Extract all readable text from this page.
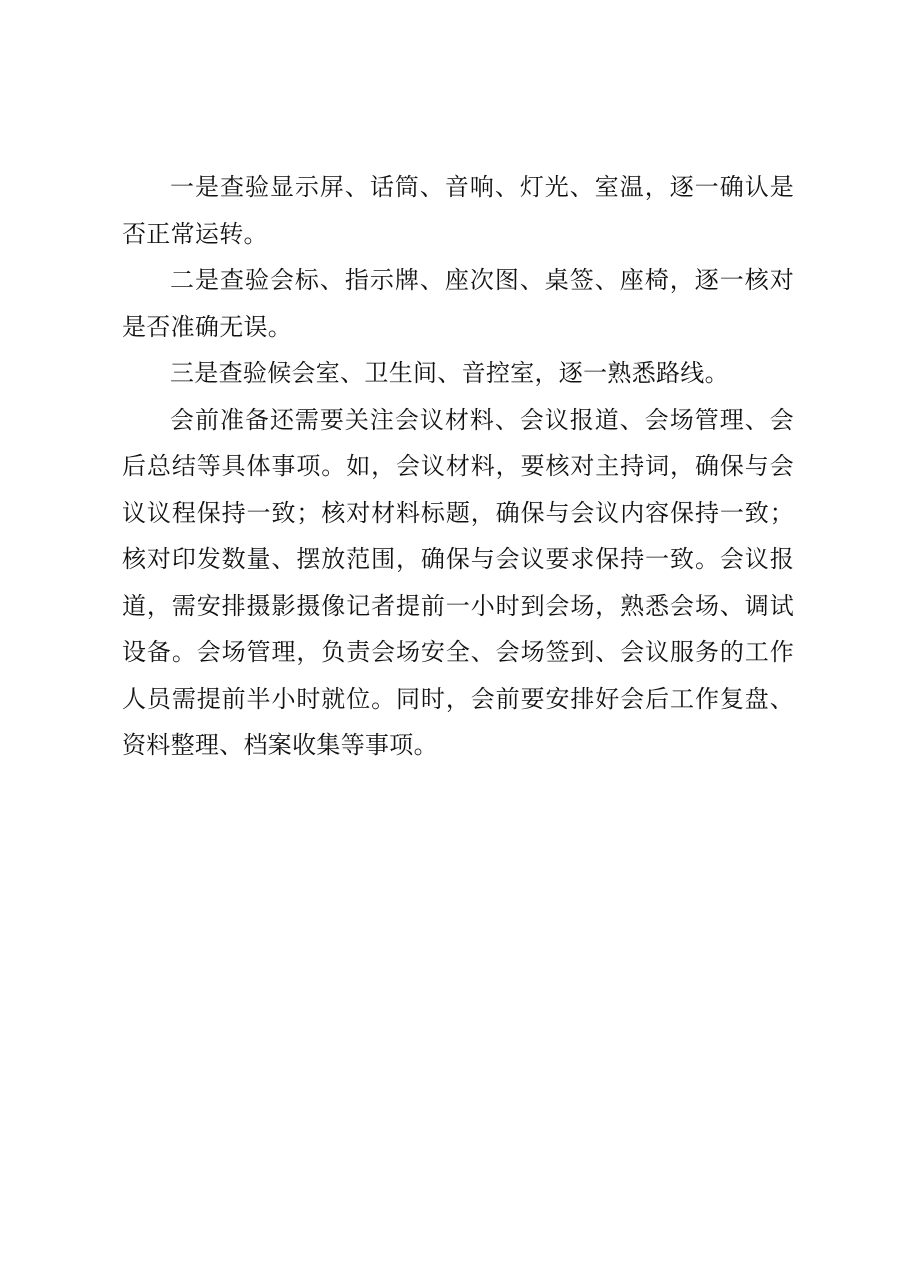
一是查验显示屏、话筒、音响、灯光、室温，逐一确认是否正常运转。

二是查验会标、指示牌、座次图、桌签、座椅，逐一核对是否准确无误。

三是查验候会室、卫生间、音控室，逐一熟悉路线。

会前准备还需要关注会议材料、会议报道、会场管理、会后总结等具体事项。如，会议材料，要核对主持词，确保与会议议程保持一致；核对材料标题，确保与会议内容保持一致；核对印发数量、摆放范围，确保与会议要求保持一致。会议报道，需安排摄影摄像记者提前一小时到会场，熟悉会场、调试设备。会场管理，负责会场安全、会场签到、会议服务的工作人员需提前半小时就位。同时，会前要安排好会后工作复盘、资料整理、档案收集等事项。
